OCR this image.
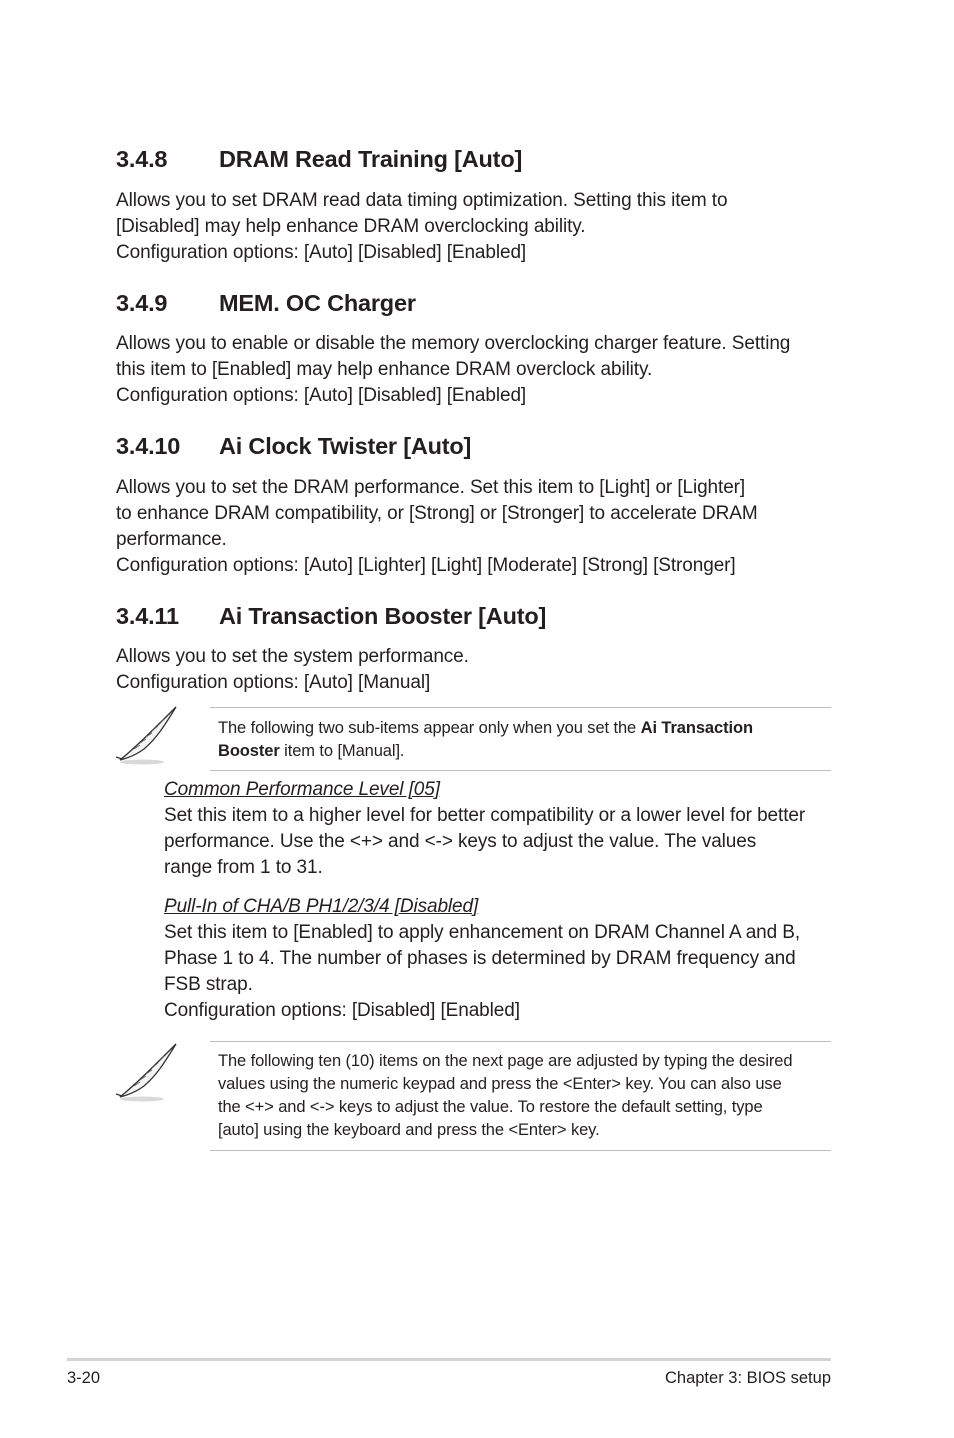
3.4.8 DRAM Read Training [Auto]
Allows you to set DRAM read data timing optimization. Setting this item to
[Disabled] may help enhance DRAM overclocking ability.
Configuration options: [Auto] [Disabled] [Enabled]
3.4.9 MEM. OC Charger
Allows you to enable or disable the memory overclocking charger feature. Setting
this item to [Enabled] may help enhance DRAM overclock ability.
Configuration options: [Auto] [Disabled] [Enabled]
3.4.10 Ai Clock Twister [Auto]
Allows you to set the DRAM performance. Set this item to [Light] or [Lighter]
to enhance DRAM compatibility, or [Strong] or [Stronger] to accelerate DRAM
performance.
Configuration options: [Auto] [Lighter] [Light] [Moderate] [Strong] [Stronger]
3.4.11 Ai Transaction Booster [Auto]
Allows you to set the system performance.
Configuration options: [Auto] [Manual]

The following two sub-items appear only when you set the Ai Transaction
Booster item to [Manual].

Common Performance Level [05]
Set this item to a higher level for better compatibility or a lower level for better
performance. Use the <+> and <-> keys to adjust the value. The values
range from 1 to 31.
Pull-In of CHA/B PH1/2/3/4 [Disabled]
Set this item to [Enabled] to apply enhancement on DRAM Channel A and B,
Phase 1 to 4. The number of phases is determined by DRAM frequency and
FSB strap.
Configuration options: [Disabled] [Enabled]
The following ten (10) items on the next page are adjusted by typing the desired
values using the numeric keypad and press the <Enter> key. You can also use
the <+> and <-> keys to adjust the value. To restore the default setting, type
[auto] using the keyboard and press the <Enter> key.
3-20	Chapter 3: BIOS setup
